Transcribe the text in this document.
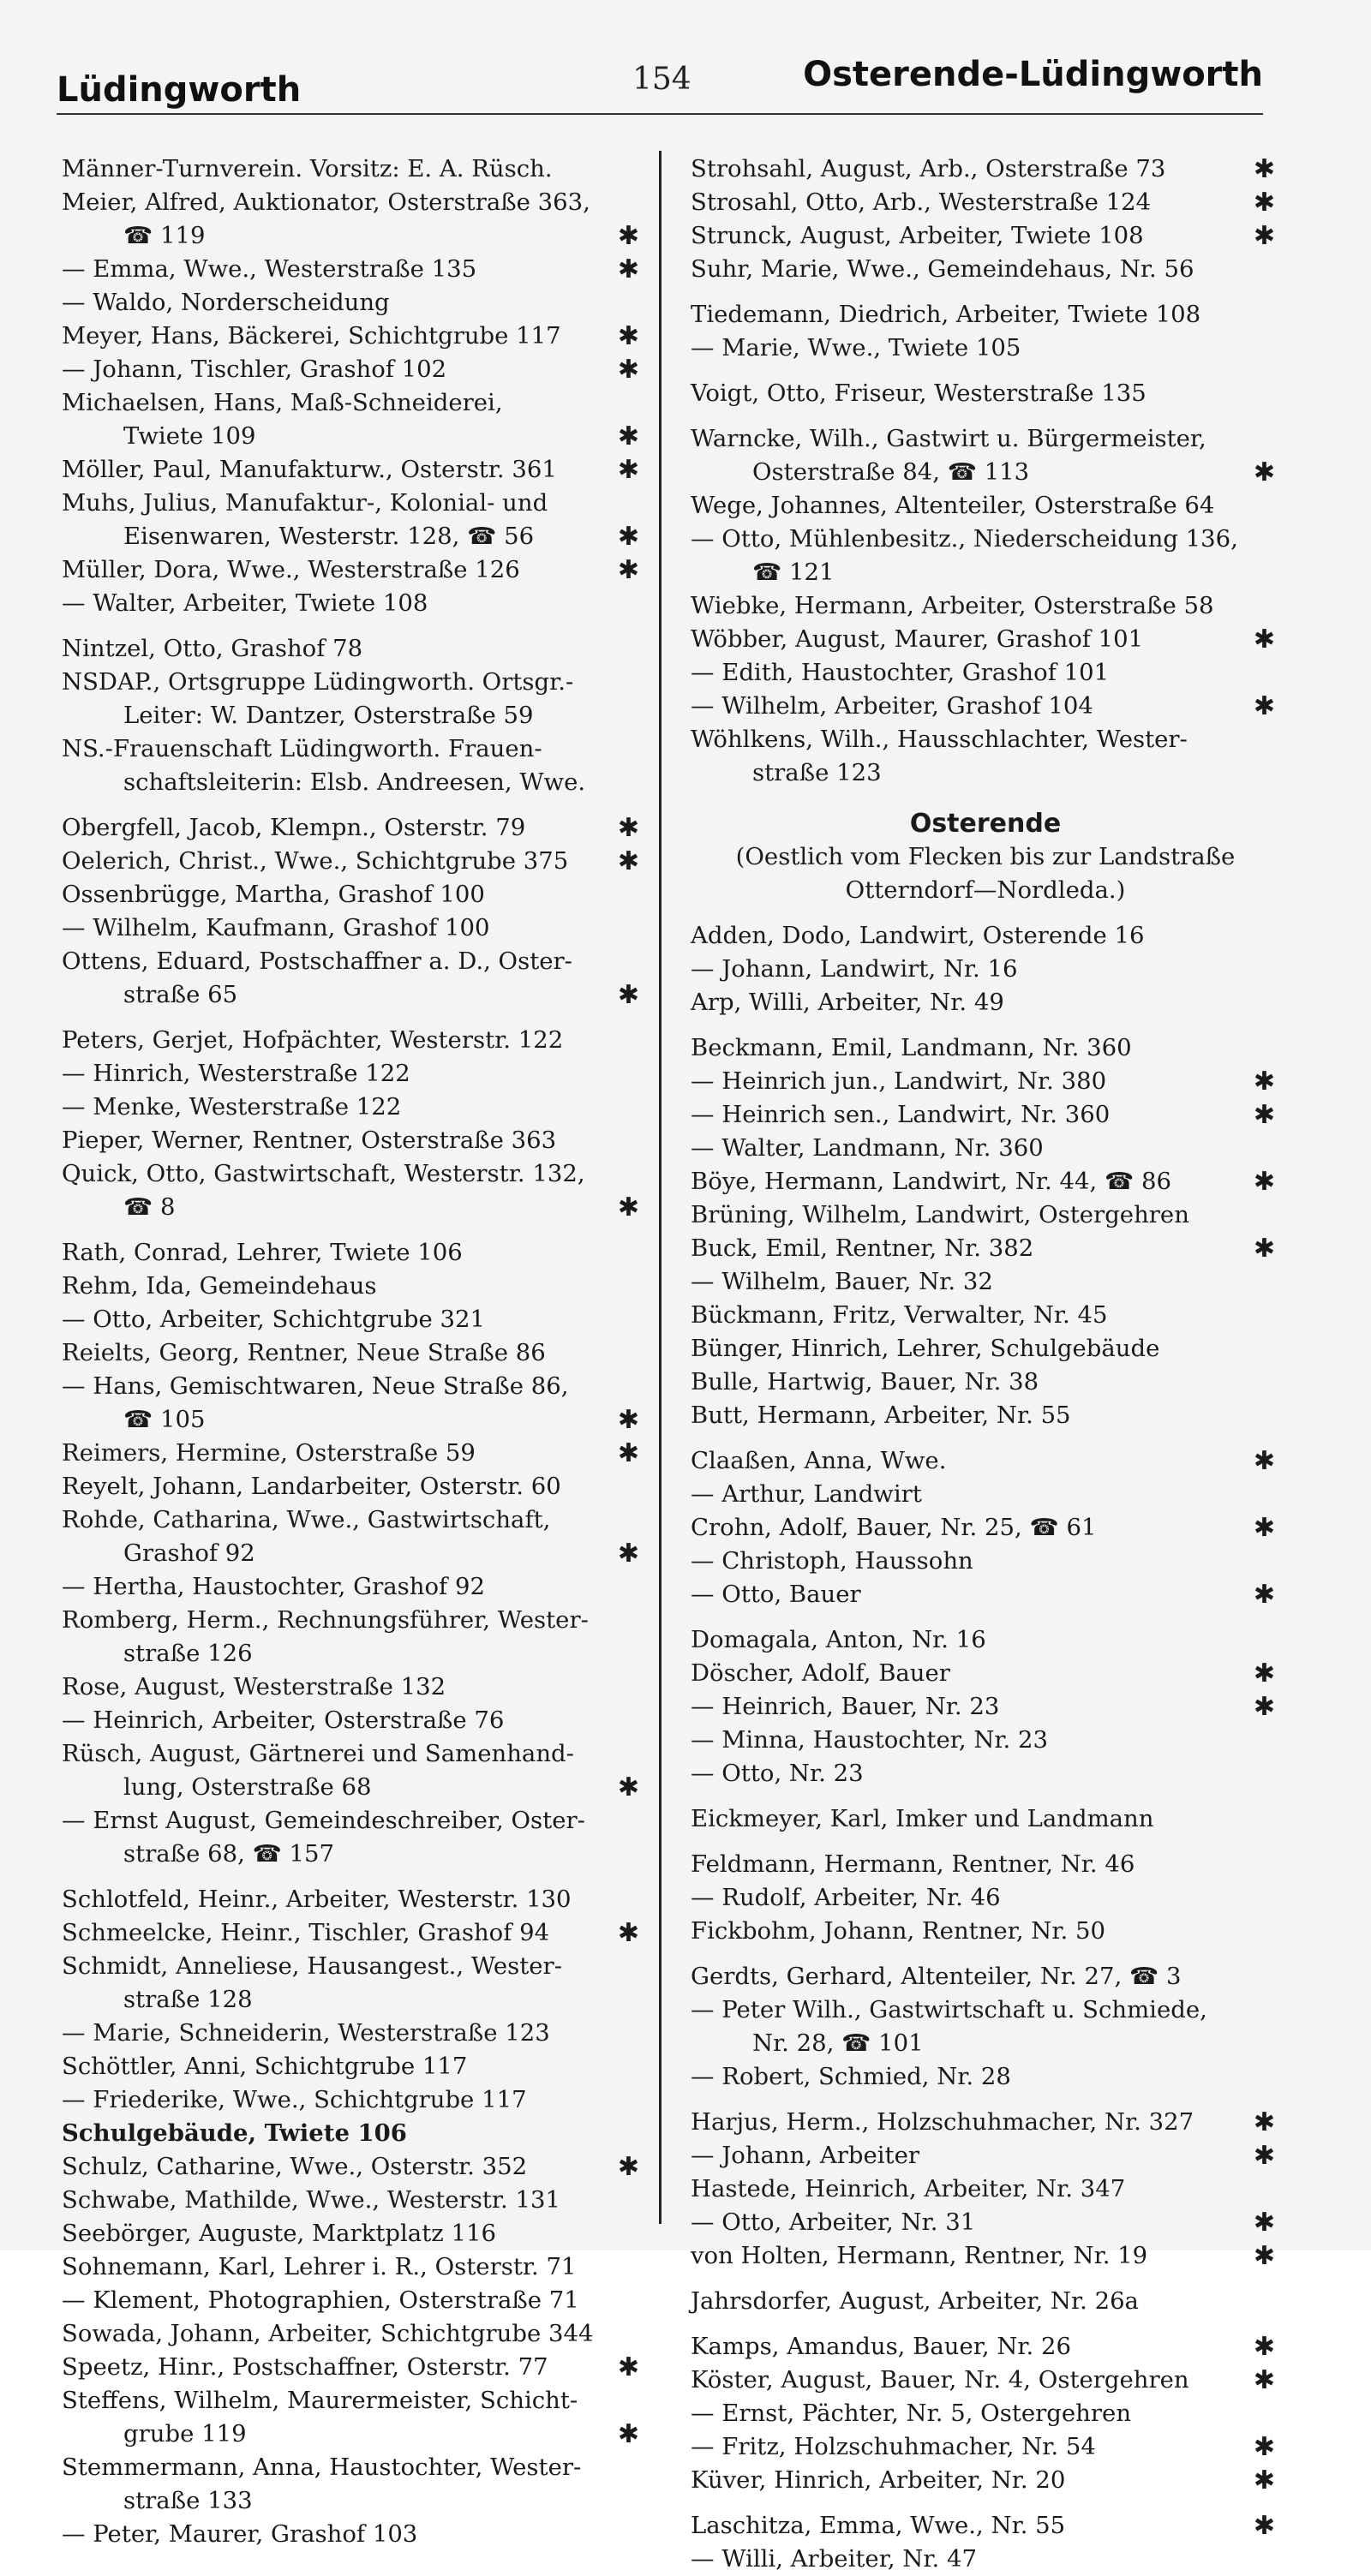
Lüdingworth	154	Osterende-Lüdingworth
Männer-Turnverein. Vorsitz: E. A. Rüsch.
Meier, Alfred, Auktionator, Osterstraße 363,
☎ 119	✱
— Emma, Wwe., Westerstraße 135	✱
— Waldo, Norderscheidung
Meyer, Hans, Bäckerei, Schichtgrube 117	✱
— Johann, Tischler, Grashof 102	✱
Michaelsen, Hans, Maß-Schneiderei,
Twiete 109	✱
Möller, Paul, Manufakturw., Osterstr. 361	✱
Muhs, Julius, Manufaktur-, Kolonial- und
Eisenwaren, Westerstr. 128, ☎ 56	✱
Müller, Dora, Wwe., Westerstraße 126	✱
— Walter, Arbeiter, Twiete 108
Nintzel, Otto, Grashof 78
NSDAP., Ortsgruppe Lüdingworth. Ortsgr.-
Leiter: W. Dantzer, Osterstraße 59
NS.-Frauenschaft Lüdingworth. Frauen-
schaftsleiterin: Elsb. Andreesen, Wwe.
Obergfell, Jacob, Klempn., Osterstr. 79	✱
Oelerich, Christ., Wwe., Schichtgrube 375	✱
Ossenbrügge, Martha, Grashof 100
— Wilhelm, Kaufmann, Grashof 100
Ottens, Eduard, Postschaffner a. D., Oster-
straße 65	✱
Peters, Gerjet, Hofpächter, Westerstr. 122
— Hinrich, Westerstraße 122
— Menke, Westerstraße 122
Pieper, Werner, Rentner, Osterstraße 363
Quick, Otto, Gastwirtschaft, Westerstr. 132,
☎ 8	✱
Rath, Conrad, Lehrer, Twiete 106
Rehm, Ida, Gemeindehaus
— Otto, Arbeiter, Schichtgrube 321
Reielts, Georg, Rentner, Neue Straße 86
— Hans, Gemischtwaren, Neue Straße 86,
☎ 105	✱
Reimers, Hermine, Osterstraße 59	✱
Reyelt, Johann, Landarbeiter, Osterstr. 60
Rohde, Catharina, Wwe., Gastwirtschaft,
Grashof 92	✱
— Hertha, Haustochter, Grashof 92
Romberg, Herm., Rechnungsführer, Wester-
straße 126
Rose, August, Westerstraße 132
— Heinrich, Arbeiter, Osterstraße 76
Rüsch, August, Gärtnerei und Samenhand-
lung, Osterstraße 68	✱
— Ernst August, Gemeindeschreiber, Oster-
straße 68, ☎ 157
Schlotfeld, Heinr., Arbeiter, Westerstr. 130
Schmeelcke, Heinr., Tischler, Grashof 94	✱
Schmidt, Anneliese, Hausangest., Wester-
straße 128
— Marie, Schneiderin, Westerstraße 123
Schöttler, Anni, Schichtgrube 117
— Friederike, Wwe., Schichtgrube 117
Schulgebäude, Twiete 106
Schulz, Catharine, Wwe., Osterstr. 352	✱
Schwabe, Mathilde, Wwe., Westerstr. 131
Seebörger, Auguste, Marktplatz 116
Sohnemann, Karl, Lehrer i. R., Osterstr. 71
— Klement, Photographien, Osterstraße 71
Sowada, Johann, Arbeiter, Schichtgrube 344
Speetz, Hinr., Postschaffner, Osterstr. 77	✱
Steffens, Wilhelm, Maurermeister, Schicht-
grube 119	✱
Stemmermann, Anna, Haustochter, Wester-
straße 133
— Peter, Maurer, Grashof 103
Strohsahl, August, Arb., Osterstraße 73	✱
Strosahl, Otto, Arb., Westerstraße 124	✱
Strunck, August, Arbeiter, Twiete 108	✱
Suhr, Marie, Wwe., Gemeindehaus, Nr. 56
Tiedemann, Diedrich, Arbeiter, Twiete 108
— Marie, Wwe., Twiete 105
Voigt, Otto, Friseur, Westerstraße 135
Warncke, Wilh., Gastwirt u. Bürgermeister,
Osterstraße 84, ☎ 113	✱
Wege, Johannes, Altenteiler, Osterstraße 64
— Otto, Mühlenbesitz., Niederscheidung 136,
☎ 121
Wiebke, Hermann, Arbeiter, Osterstraße 58
Wöbber, August, Maurer, Grashof 101	✱
— Edith, Haustochter, Grashof 101
— Wilhelm, Arbeiter, Grashof 104	✱
Wöhlkens, Wilh., Hausschlachter, Wester-
straße 123
Osterende
(Oestlich vom Flecken bis zur Landstraße
Otterndorf—Nordleda.)
Adden, Dodo, Landwirt, Osterende 16
— Johann, Landwirt, Nr. 16
Arp, Willi, Arbeiter, Nr. 49
Beckmann, Emil, Landmann, Nr. 360
— Heinrich jun., Landwirt, Nr. 380	✱
— Heinrich sen., Landwirt, Nr. 360	✱
— Walter, Landmann, Nr. 360
Böye, Hermann, Landwirt, Nr. 44, ☎ 86	✱
Brüning, Wilhelm, Landwirt, Ostergehren
Buck, Emil, Rentner, Nr. 382	✱
— Wilhelm, Bauer, Nr. 32
Bückmann, Fritz, Verwalter, Nr. 45
Bünger, Hinrich, Lehrer, Schulgebäude
Bulle, Hartwig, Bauer, Nr. 38
Butt, Hermann, Arbeiter, Nr. 55
Claaßen, Anna, Wwe.	✱
— Arthur, Landwirt
Crohn, Adolf, Bauer, Nr. 25, ☎ 61	✱
— Christoph, Haussohn
— Otto, Bauer	✱
Domagala, Anton, Nr. 16
Döscher, Adolf, Bauer	✱
— Heinrich, Bauer, Nr. 23	✱
— Minna, Haustochter, Nr. 23
— Otto, Nr. 23
Eickmeyer, Karl, Imker und Landmann
Feldmann, Hermann, Rentner, Nr. 46
— Rudolf, Arbeiter, Nr. 46
Fickbohm, Johann, Rentner, Nr. 50
Gerdts, Gerhard, Altenteiler, Nr. 27, ☎ 3
— Peter Wilh., Gastwirtschaft u. Schmiede,
Nr. 28, ☎ 101
— Robert, Schmied, Nr. 28
Harjus, Herm., Holzschuhmacher, Nr. 327	✱
— Johann, Arbeiter	✱
Hastede, Heinrich, Arbeiter, Nr. 347
— Otto, Arbeiter, Nr. 31	✱
von Holten, Hermann, Rentner, Nr. 19	✱
Jahrsdorfer, August, Arbeiter, Nr. 26a
Kamps, Amandus, Bauer, Nr. 26	✱
Köster, August, Bauer, Nr. 4, Ostergehren	✱
— Ernst, Pächter, Nr. 5, Ostergehren
— Fritz, Holzschuhmacher, Nr. 54	✱
Küver, Hinrich, Arbeiter, Nr. 20	✱
Laschitza, Emma, Wwe., Nr. 55	✱
— Willi, Arbeiter, Nr. 47
